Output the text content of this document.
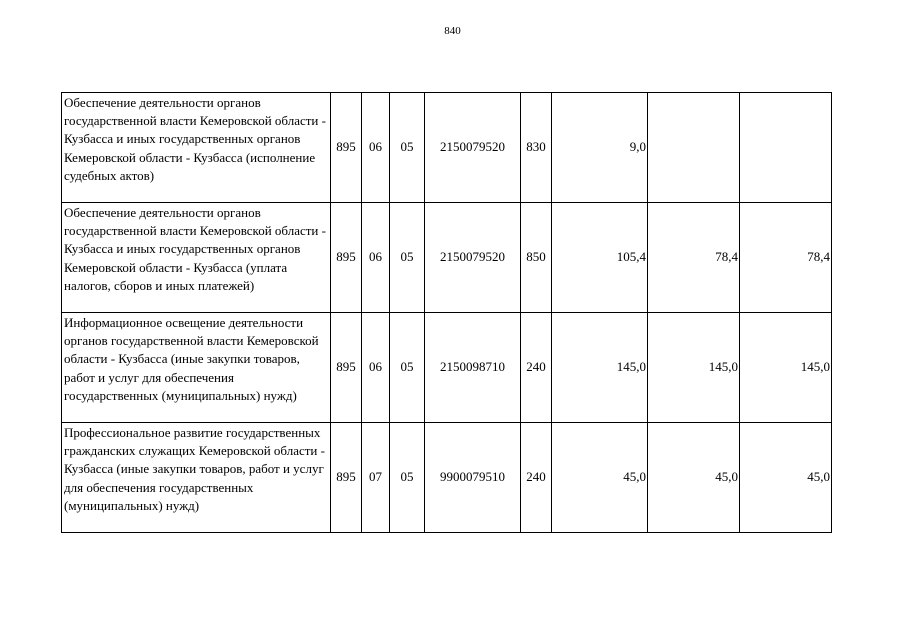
840
Обеспечение деятельности органов государственной власти Кемеровской области - Кузбасса и иных государственных органов Кемеровской области - Кузбасса (исполнение судебных актов)	895	06	05	2150079520	830	9,0		
Обеспечение деятельности органов государственной власти Кемеровской области - Кузбасса и иных государственных органов Кемеровской области - Кузбасса (уплата налогов, сборов и иных платежей)	895	06	05	2150079520	850	105,4	78,4	78,4
Информационное освещение деятельности органов государственной власти Кемеровской области - Кузбасса (иные закупки товаров, работ и услуг для обеспечения государственных (муниципальных) нужд)	895	06	05	2150098710	240	145,0	145,0	145,0
Профессиональное развитие государственных гражданских служащих Кемеровской области - Кузбасса (иные закупки товаров, работ и услуг для обеспечения государственных (муниципальных) нужд)	895	07	05	9900079510	240	45,0	45,0	45,0
